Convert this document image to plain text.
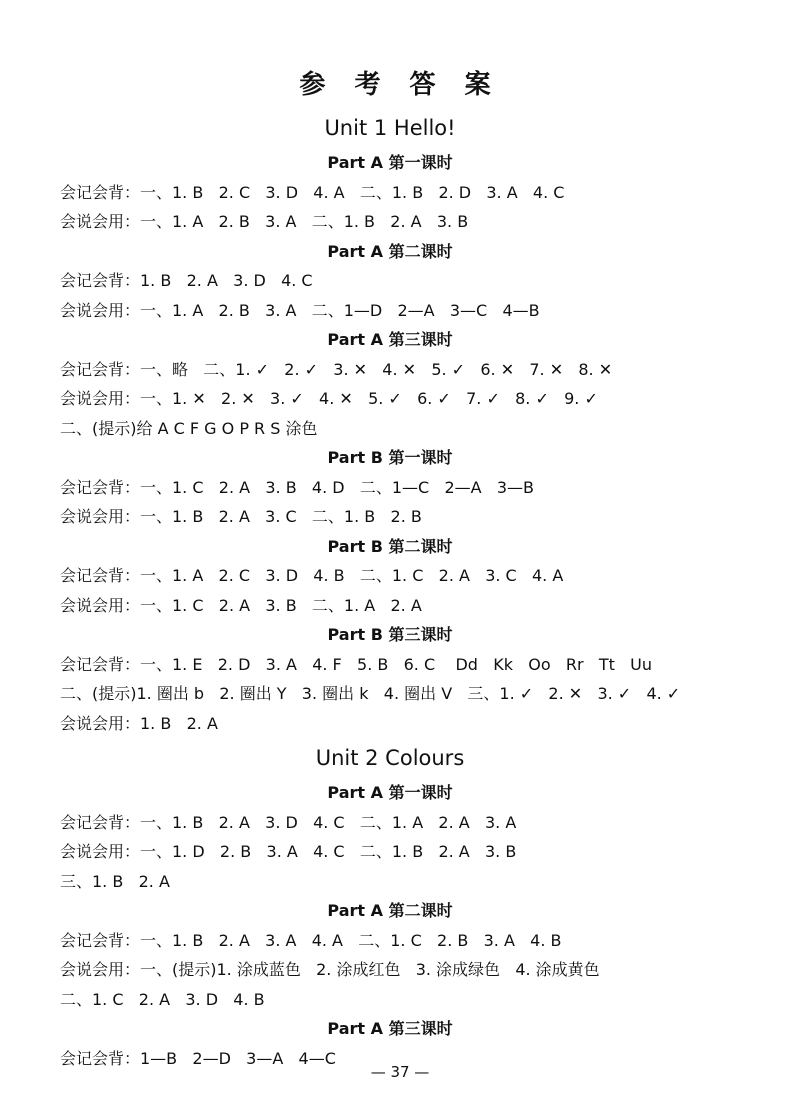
参 考 答 案
Unit 1 Hello!
Part A 第一课时
会记会背：一、1. B   2. C   3. D   4. A   二、1. B   2. D   3. A   4. C
会说会用：一、1. A   2. B   3. A   二、1. B   2. A   3. B
Part A 第二课时
会记会背：1. B   2. A   3. D   4. C
会说会用：一、1. A   2. B   3. A   二、1—D   2—A   3—C   4—B
Part A 第三课时
会记会背：一、略   二、1. ✓   2. ✓   3. ✕   4. ✕   5. ✓   6. ✕   7. ✕   8. ✕
会说会用：一、1. ✕   2. ✕   3. ✓   4. ✕   5. ✓   6. ✓   7. ✓   8. ✓   9. ✓
二、(提示)给 A C F G O P R S 涂色
Part B 第一课时
会记会背：一、1. C   2. A   3. B   4. D   二、1—C   2—A   3—B
会说会用：一、1. B   2. A   3. C   二、1. B   2. B
Part B 第二课时
会记会背：一、1. A   2. C   3. D   4. B   二、1. C   2. A   3. C   4. A
会说会用：一、1. C   2. A   3. B   二、1. A   2. A
Part B 第三课时
会记会背：一、1. E   2. D   3. A   4. F   5. B   6. C    Dd   Kk   Oo   Rr   Tt   Uu
二、(提示)1. 圈出 b   2. 圈出 Y   3. 圈出 k   4. 圈出 V   三、1. ✓   2. ✕   3. ✓   4. ✓
会说会用：1. B   2. A
Unit 2 Colours
Part A 第一课时
会记会背：一、1. B   2. A   3. D   4. C   二、1. A   2. A   3. A
会说会用：一、1. D   2. B   3. A   4. C   二、1. B   2. A   3. B
三、1. B   2. A
Part A 第二课时
会记会背：一、1. B   2. A   3. A   4. A   二、1. C   2. B   3. A   4. B
会说会用：一、(提示)1. 涂成蓝色   2. 涂成红色   3. 涂成绿色   4. 涂成黄色
二、1. C   2. A   3. D   4. B
Part A 第三课时
会记会背：1—B   2—D   3—A   4—C
— 37 —
